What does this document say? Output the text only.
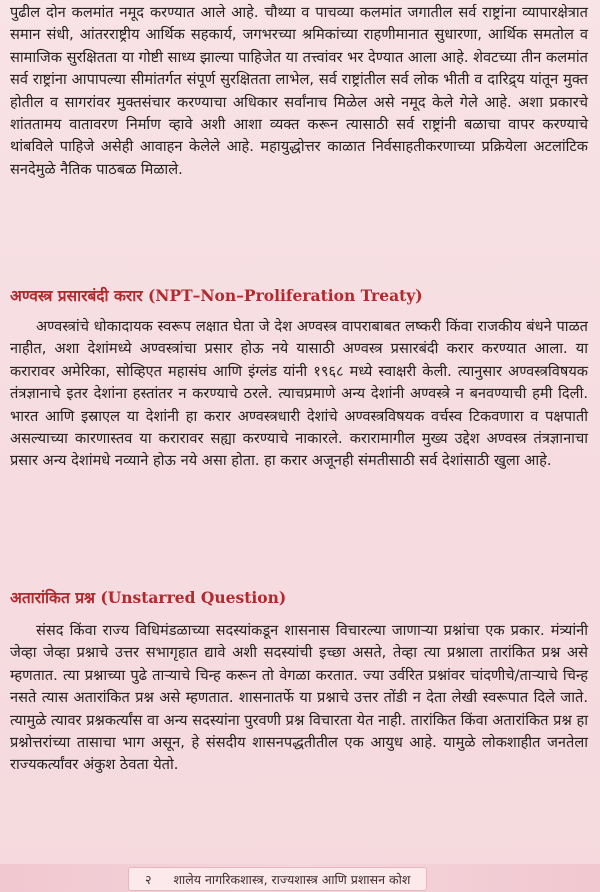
पुढील दोन कलमांत नमूद करण्यात आले आहे. चौथ्या व पाचव्या कलमांत जगातील सर्व राष्ट्रांना व्यापारक्षेत्रात समान संधी, आंतरराष्ट्रीय आर्थिक सहकार्य, जगभरच्या श्रमिकांच्या राहणीमानात सुधारणा, आर्थिक समतोल व सामाजिक सुरक्षितता या गोष्टी साध्य झाल्या पाहिजेत या तत्त्वांवर भर देण्यात आला आहे. शेवटच्या तीन कलमांत सर्व राष्ट्रांना आपापल्या सीमांतर्गत संपूर्ण सुरक्षितता लाभेल, सर्व राष्ट्रांतील सर्व लोक भीती व दारिद्र्य यांतून मुक्त होतील व सागरांवर मुक्तसंचार करण्याचा अधिकार सर्वांनाच मिळेल असे नमूद केले गेले आहे. अशा प्रकारचे शांततामय वातावरण निर्माण व्हावे अशी आशा व्यक्त करून त्यासाठी सर्व राष्ट्रांनी बळाचा वापर करण्याचे थांबविले पाहिजे असेही आवाहन केलेले आहे. महायुद्धोत्तर काळात निर्वसाहतीकरणाच्या प्रक्रियेला अटलांटिक सनदेमुळे नैतिक पाठबळ मिळाले.

अण्वस्त्र प्रसारबंदी करार (NPT–Non–Proliferation Treaty)

अण्वस्त्रांचे धोकादायक स्वरूप लक्षात घेता जे देश अण्वस्त्र वापराबाबत लष्करी किंवा राजकीय बंधने पाळत नाहीत, अशा देशांमध्ये अण्वस्त्रांचा प्रसार होऊ नये यासाठी अण्वस्त्र प्रसारबंदी करार करण्यात आला. या करारावर अमेरिका, सोव्हिएत महासंघ आणि इंग्लंड यांनी १९६८ मध्ये स्वाक्षरी केली. त्यानुसार अण्वस्त्रविषयक तंत्रज्ञानाचे इतर देशांना हस्तांतर न करण्याचे ठरले. त्याचप्रमाणे अन्य देशांनी अण्वस्त्रे न बनवण्याची हमी दिली. भारत आणि इस्राएल या देशांनी हा करार अण्वस्त्रधारी देशांचे अण्वस्त्रविषयक वर्चस्व टिकवणारा व पक्षपाती असल्याच्या कारणास्तव या करारावर सह्या करण्याचे नाकारले. करारामागील मुख्य उद्देश अण्वस्त्र तंत्रज्ञानाचा प्रसार अन्य देशांमधे नव्याने होऊ नये असा होता. हा करार अजूनही संमतीसाठी सर्व देशांसाठी खुला आहे.

अतारांकित प्रश्न (Unstarred Question)

संसद किंवा राज्य विधिमंडळाच्या सदस्यांकडून शासनास विचारल्या जाणाऱ्या प्रश्नांचा एक प्रकार. मंत्र्यांनी जेव्हा जेव्हा प्रश्नाचे उत्तर सभागृहात द्यावे अशी सदस्यांची इच्छा असते, तेव्हा त्या प्रश्नाला तारांकित प्रश्न असे म्हणतात. त्या प्रश्नाच्या पुढे ताऱ्याचे चिन्ह करून तो वेगळा करतात. ज्या उर्वरित प्रश्नांवर चांदणीचे/ताऱ्याचे चिन्ह नसते त्यास अतारांकित प्रश्न असे म्हणतात. शासनातर्फे या प्रश्नाचे उत्तर तोंडी न देता लेखी स्वरूपात दिले जाते. त्यामुळे त्यावर प्रश्नकर्त्यांस वा अन्य सदस्यांना पुरवणी प्रश्न विचारता येत नाही. तारांकित किंवा अतारांकित प्रश्न हा प्रश्नोत्तरांच्या तासाचा भाग असून, हे संसदीय शासनपद्धतीतील एक आयुध आहे. यामुळे लोकशाहीत जनतेला राज्यकर्त्यांवर अंकुश ठेवता येतो.

२ शालेय नागरिकशास्त्र, राज्यशास्त्र आणि प्रशासन कोश
